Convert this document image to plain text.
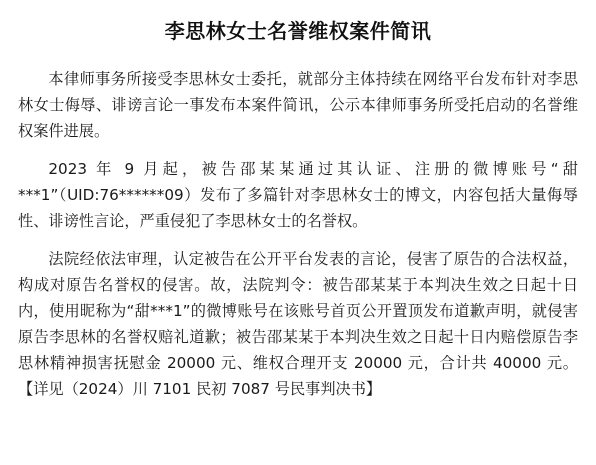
李思林女士名誉维权案件简讯

本律师事务所接受李思林女士委托，就部分主体持续在网络平台发布针对李思林女士侮辱、诽谤言论一事发布本案件简讯，公示本律师事务所受托启动的名誉维权案件进展。

2023 年 9 月起，被告邵某某通过其认证、注册的微博账号“甜***1”（UID:76******09）发布了多篇针对李思林女士的博文，内容包括大量侮辱性、诽谤性言论，严重侵犯了李思林女士的名誉权。

法院经依法审理，认定被告在公开平台发表的言论，侵害了原告的合法权益，构成对原告名誉权的侵害。故，法院判令：被告邵某某于本判决生效之日起十日内，使用昵称为“甜***1”的微博账号在该账号首页公开置顶发布道歉声明，就侵害原告李思林的名誉权赔礼道歉；被告邵某某于本判决生效之日起十日内赔偿原告李思林精神损害抚慰金 20000 元、维权合理开支 20000 元，合计共 40000 元。【详见（2024）川 7101 民初 7087 号民事判决书】
